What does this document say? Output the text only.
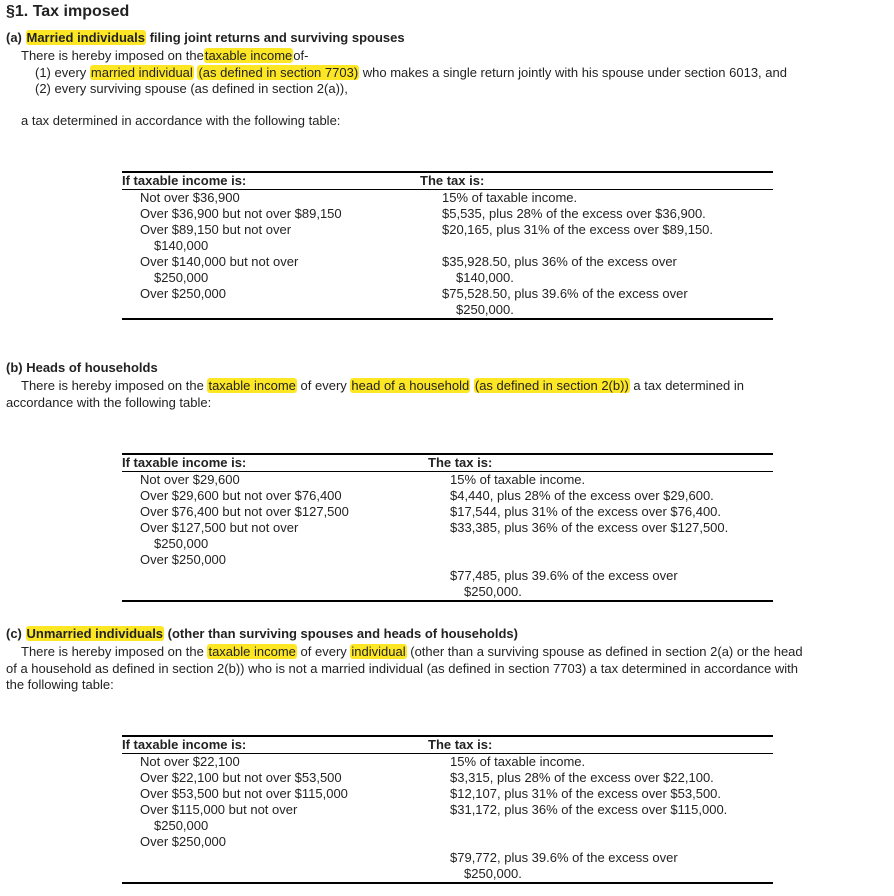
§1. Tax imposed
(a) Married individuals filing joint returns and surviving spouses
There is hereby imposed on thetaxable incomeof-
(1) every married individual (as defined in section 7703) who makes a single return jointly with his spouse under section 6013, and
(2) every surviving spouse (as defined in section 2(a)),
a tax determined in accordance with the following table:
If taxable income is:	The tax is:
Not over $36,900	15% of taxable income.
Over $36,900 but not over $89,150	$5,535, plus 28% of the excess over $36,900.
Over $89,150 but not over
$140,000	$20,165, plus 31% of the excess over $89,150.
Over $140,000 but not over
$250,000	$35,928.50, plus 36% of the excess over
$140,000.

Over $250,000	$75,528.50, plus 39.6% of the excess over
$250,000.
(b) Heads of households
There is hereby imposed on the taxable income of every head of a household (as defined in section 2(b)) a tax determined in
accordance with the following table:
If taxable income is:	The tax is:
Not over $29,600	15% of taxable income.
Over $29,600 but not over $76,400	$4,440, plus 28% of the excess over $29,600.
Over $76,400 but not over $127,500	$17,544, plus 31% of the excess over $76,400.
Over $127,500 but not over
$250,000	$33,385, plus 36% of the excess over $127,500.
Over $250,000	$77,485, plus 39.6% of the excess over
$250,000.
(c) Unmarried individuals (other than surviving spouses and heads of households)
There is hereby imposed on the taxable income of every individual (other than a surviving spouse as defined in section 2(a) or the head
of a household as defined in section 2(b)) who is not a married individual (as defined in section 7703) a tax determined in accordance with
the following table:
If taxable income is:	The tax is:
Not over $22,100	15% of taxable income.
Over $22,100 but not over $53,500	$3,315, plus 28% of the excess over $22,100.
Over $53,500 but not over $115,000	$12,107, plus 31% of the excess over $53,500.
Over $115,000 but not over
$250,000	$31,172, plus 36% of the excess over $115,000.
Over $250,000	$79,772, plus 39.6% of the excess over
$250,000.
